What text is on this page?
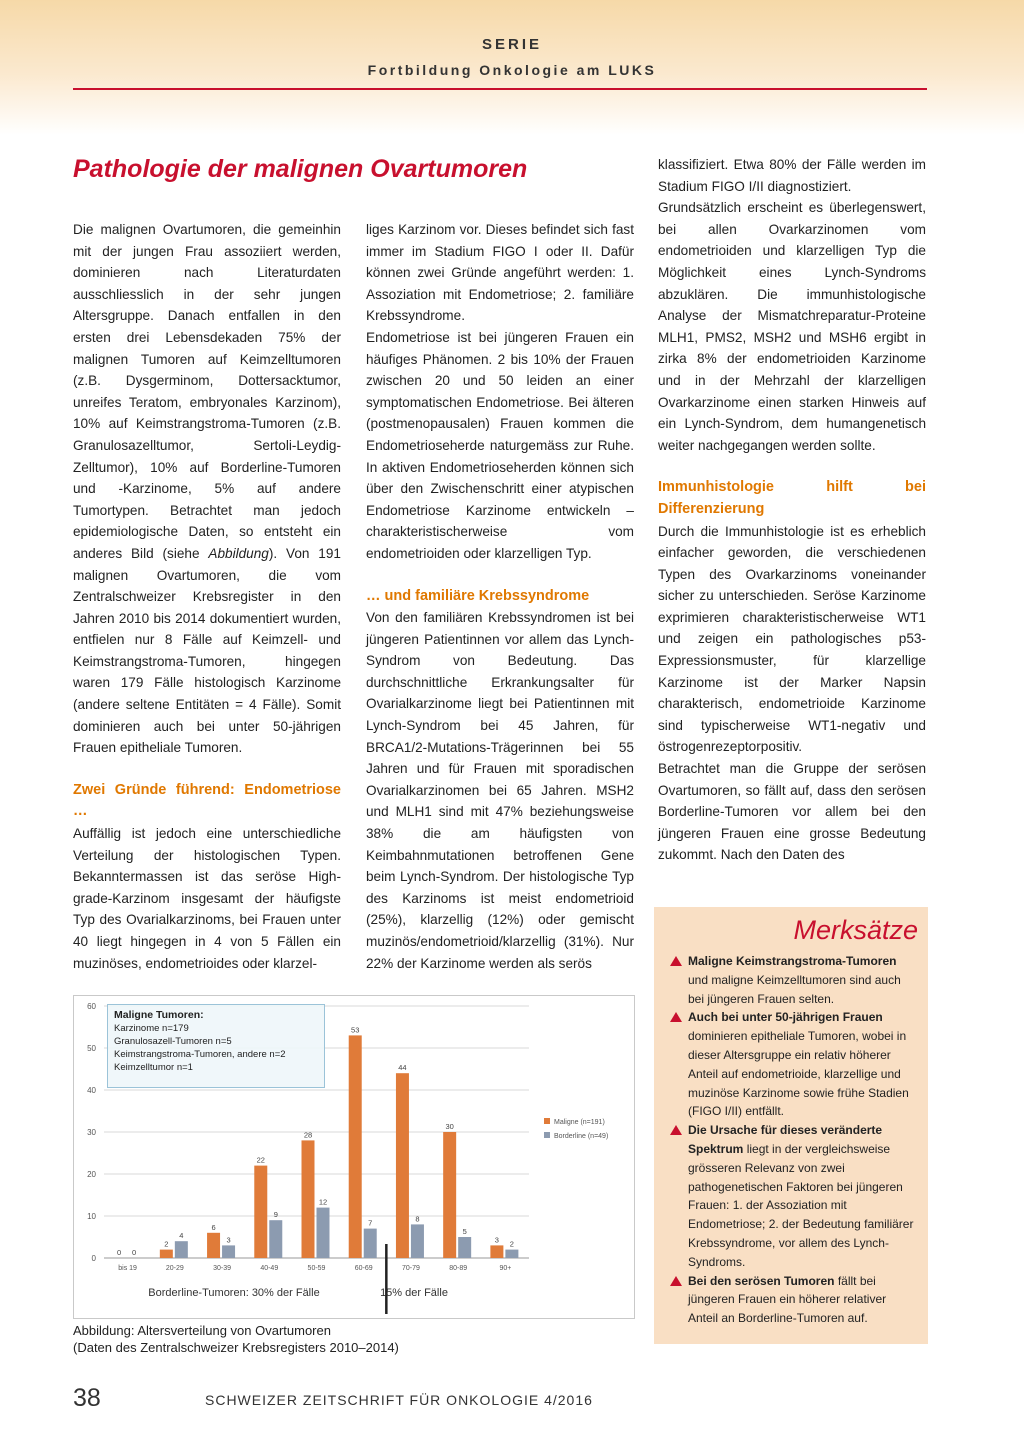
SERIE
Fortbildung Onkologie am LUKS
Pathologie der malignen Ovartumoren

Die malignen Ovartumoren, die gemeinhin mit der jungen Frau assoziiert werden, dominieren nach Literaturdaten ausschliesslich in der sehr jungen Altersgruppe. Danach entfallen in den ersten drei Lebensdekaden 75% der malignen Tumoren auf Keimzelltumoren (z.B. Dysgerminom, Dottersacktumor, unreifes Teratom, embryonales Karzinom), 10% auf Keimstrangstroma-Tumoren (z.B. Granulosazelltumor, Sertoli-Leydig-Zelltumor), 10% auf Borderline-Tumoren und -Karzinome, 5% auf andere Tumortypen. Betrachtet man jedoch epidemiologische Daten, so entsteht ein anderes Bild (siehe Abbildung). Von 191 malignen Ovartumoren, die vom Zentralschweizer Krebsregister in den Jahren 2010 bis 2014 dokumentiert wurden, entfielen nur 8 Fälle auf Keimzell- und Keimstrangstroma-Tumoren, hingegen waren 179 Fälle histologisch Karzinome (andere seltene Entitäten = 4 Fälle). Somit dominieren auch bei unter 50-jährigen Frauen epitheliale Tumoren.

Zwei Gründe führend: Endometriose …

Auffällig ist jedoch eine unterschiedliche Verteilung der histologischen Typen. Bekanntermassen ist das seröse High-grade-Karzinom insgesamt der häufigste Typ des Ovarialkarzinoms, bei Frauen unter 40 liegt hingegen in 4 von 5 Fällen ein muzinöses, endometrioides oder klarzel-

liges Karzinom vor. Dieses befindet sich fast immer im Stadium FIGO I oder II. Dafür können zwei Gründe angeführt werden: 1. Assoziation mit Endometriose; 2. familiäre Krebssyndrome.

Endometriose ist bei jüngeren Frauen ein häufiges Phänomen. 2 bis 10% der Frauen zwischen 20 und 50 leiden an einer symptomatischen Endometriose. Bei älteren (postmenopausalen) Frauen kommen die Endometrioseherde naturgemäss zur Ruhe. In aktiven Endometrioseherden können sich über den Zwischenschritt einer atypischen Endometriose Karzinome entwickeln – charakteristischerweise vom endometrioiden oder klarzelligen Typ.

… und familiäre Krebssyndrome

Von den familiären Krebssyndromen ist bei jüngeren Patientinnen vor allem das Lynch-Syndrom von Bedeutung. Das durchschnittliche Erkrankungsalter für Ovarialkarzinome liegt bei Patientinnen mit Lynch-Syndrom bei 45 Jahren, für BRCA1/2-Mutations-Trägerinnen bei 55 Jahren und für Frauen mit sporadischen Ovarialkarzinomen bei 65 Jahren. MSH2 und MLH1 sind mit 47% beziehungsweise 38% die am häufigsten von Keimbahnmutationen betroffenen Gene beim Lynch-Syndrom. Der histologische Typ des Karzinoms ist meist endometrioid (25%), klarzellig (12%) oder gemischt muzinös/endometrioid/klarzellig (31%). Nur 22% der Karzinome werden als serös

klassifiziert. Etwa 80% der Fälle werden im Stadium FIGO I/II diagnostiziert.

Grundsätzlich erscheint es überlegenswert, bei allen Ovarkarzinomen vom endometrioiden und klarzelligen Typ die Möglichkeit eines Lynch-Syndroms abzuklären. Die immunhistologische Analyse der Mismatchreparatur-Proteine MLH1, PMS2, MSH2 und MSH6 ergibt in zirka 8% der endometrioiden Karzinome und in der Mehrzahl der klarzelligen Ovarkarzinome einen starken Hinweis auf ein Lynch-Syndrom, dem humangenetisch weiter nachgegangen werden sollte.

Immunhistologie hilft bei Differenzierung

Durch die Immunhistologie ist es erheblich einfacher geworden, die verschiedenen Typen des Ovarkarzinoms voneinander sicher zu unterschieden. Seröse Karzinome exprimieren charakteristischerweise WT1 und zeigen ein pathologisches p53-Expressionsmuster, für klarzellige Karzinome ist der Marker Napsin charakterisch, endometrioide Karzinome sind typischerweise WT1-negativ und östrogenrezeptorpositiv.

Betrachtet man die Gruppe der serösen Ovartumoren, so fällt auf, dass den serösen Borderline-Tumoren vor allem bei den jüngeren Frauen eine grosse Bedeutung zukommt. Nach den Daten des

0
10
20
30
40
50
60
0 0
bis 19
2
4
20-29
6
3
30-39
22
9
40-49
28
12
50-59
53
7
60-69
44
8
70-79
30
5
80-89
3 2
90+
Maligne (n=191)
Borderline (n=49)
Borderline-Tumoren: 30% der Fälle	15% der Fälle
Maligne Tumoren:
Karzinome n=179
Granulosazell-Tumoren n=5
Keimstrangstroma-Tumoren, andere n=2
Keimzelltumor n=1
Abbildung: Altersverteilung von Ovartumoren
(Daten des Zentralschweizer Krebsregisters 2010–2014)
Merksätze
Maligne Keimstrangstroma-Tumoren und maligne Keimzelltumoren sind auch bei jüngeren Frauen selten.
Auch bei unter 50-jährigen Frauen dominieren epitheliale Tumoren, wobei in dieser Altersgruppe ein relativ höherer Anteil auf endometrioide, klarzellige und muzinöse Karzinome sowie frühe Stadien (FIGO I/II) entfällt.
Die Ursache für dieses veränderte Spektrum liegt in der vergleichsweise grösseren Relevanz von zwei pathogenetischen Faktoren bei jüngeren Frauen: 1. der Assoziation mit Endometriose; 2. der Bedeutung familiärer Krebssyndrome, vor allem des Lynch-Syndroms.
Bei den serösen Tumoren fällt bei jüngeren Frauen ein höherer relativer Anteil an Borderline-Tumoren auf.
38	SCHWEIZER ZEITSCHRIFT FÜR ONKOLOGIE 4/2016
